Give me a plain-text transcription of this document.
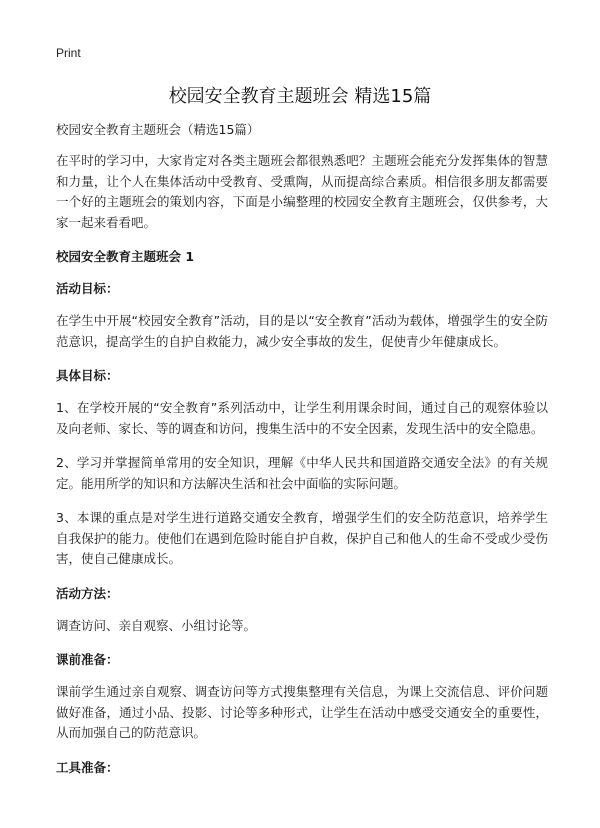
Print
校园安全教育主题班会 精选15篇

校园安全教育主题班会（精选15篇）

在平时的学习中，大家肯定对各类主题班会都很熟悉吧？主题班会能充分发挥集体的智慧和力量，让个人在集体活动中受教育、受熏陶，从而提高综合素质。相信很多朋友都需要一个好的主题班会的策划内容，下面是小编整理的校园安全教育主题班会，仅供参考，大家一起来看看吧。

校园安全教育主题班会 1

活动目标：

在学生中开展“校园安全教育”活动，目的是以“安全教育”活动为载体，增强学生的安全防范意识，提高学生的自护自救能力，减少安全事故的发生，促使青少年健康成长。

具体目标：

1、在学校开展的“安全教育”系列活动中，让学生利用课余时间，通过自己的观察体验以及向老师、家长、等的调查和访问，搜集生活中的不安全因素，发现生活中的安全隐患。

2、学习并掌握简单常用的安全知识，理解《中华人民共和国道路交通安全法》的有关规定。能用所学的知识和方法解决生活和社会中面临的实际问题。

3、本课的重点是对学生进行道路交通安全教育，增强学生们的安全防范意识，培养学生自我保护的能力。使他们在遇到危险时能自护自救，保护自己和他人的生命不受或少受伤害，使自己健康成长。

活动方法：

调查访问、亲自观察、小组讨论等。

课前准备：

课前学生通过亲自观察、调查访问等方式搜集整理有关信息，为课上交流信息、评价问题做好准备，通过小品、投影、讨论等多种形式，让学生在活动中感受交通安全的重要性，从而加强自己的防范意识。

工具准备：
